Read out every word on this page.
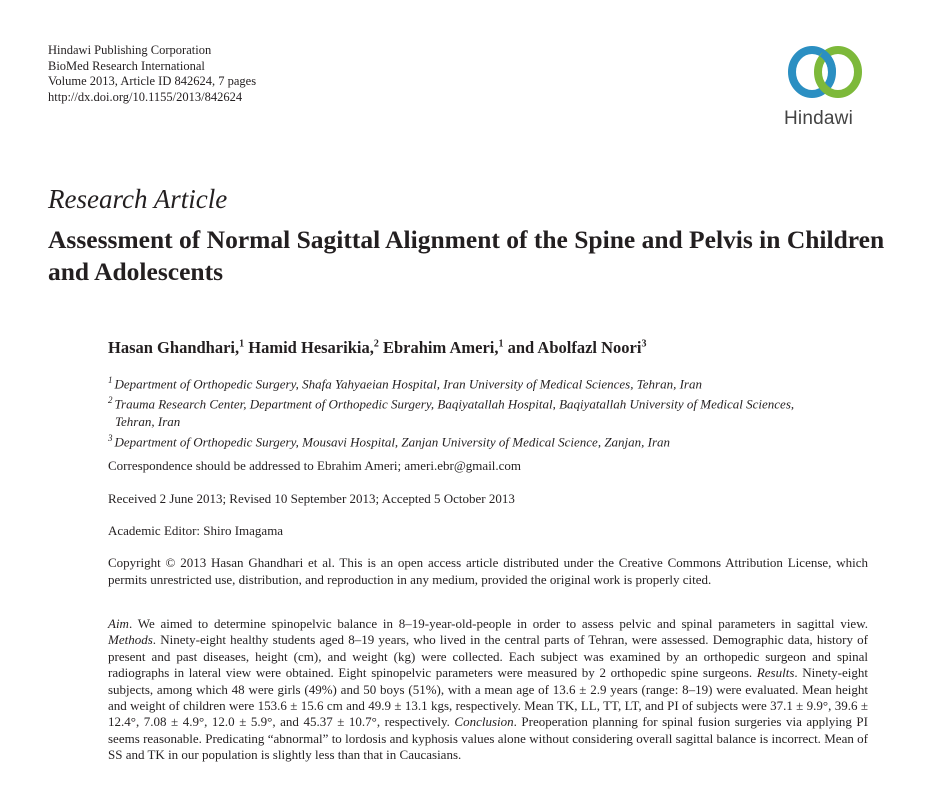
Hindawi Publishing Corporation
BioMed Research International
Volume 2013, Article ID 842624, 7 pages
http://dx.doi.org/10.1155/2013/842624
Hindawi
Research Article
Assessment of Normal Sagittal Alignment of the Spine and Pelvis in Children and Adolescents
Hasan Ghandhari,$^1$ Hamid Hesarikia,$^2$ Ebrahim Ameri,$^1$ and Abolfazl Noori$^3$
$^1$ Department of Orthopedic Surgery, Shafa Yahyaeian Hospital, Iran University of Medical Sciences, Tehran, Iran
$^2$ Trauma Research Center, Department of Orthopedic Surgery, Baqiyatallah Hospital, Baqiyatallah University of Medical Sciences,
Tehran, Iran
$^3$ Department of Orthopedic Surgery, Mousavi Hospital, Zanjan University of Medical Science, Zanjan, Iran
Correspondence should be addressed to Ebrahim Ameri; ameri.ebr@gmail.com
Received 2 June 2013; Revised 10 September 2013; Accepted 5 October 2013
Academic Editor: Shiro Imagama
Copyright © 2013 Hasan Ghandhari et al. This is an open access article distributed under the Creative Commons Attribution License, which permits unrestricted use, distribution, and reproduction in any medium, provided the original work is properly cited.
Aim. We aimed to determine spinopelvic balance in 8–19-year-old-people in order to assess pelvic and spinal parameters in sagittal view. Methods. Ninety-eight healthy students aged 8–19 years, who lived in the central parts of Tehran, were assessed. Demographic data, history of present and past diseases, height (cm), and weight (kg) were collected. Each subject was examined by an orthopedic surgeon and spinal radiographs in lateral view were obtained. Eight spinopelvic parameters were measured by 2 orthopedic spine surgeons. Results. Ninety-eight subjects, among which 48 were girls (49%) and 50 boys (51%), with a mean age of 13.6 ± 2.9 years (range: 8–19) were evaluated. Mean height and weight of children were 153.6 ± 15.6 cm and 49.9 ± 13.1 kgs, respectively. Mean TK, LL, TT, LT, and PI of subjects were 37.1 ± 9.9°, 39.6 ± 12.4°, 7.08 ± 4.9°, 12.0 ± 5.9°, and 45.37 ± 10.7°, respectively. Conclusion. Preoperation planning for spinal fusion surgeries via applying PI seems reasonable. Predicating “abnormal” to lordosis and kyphosis values alone without considering overall sagittal balance is incorrect. Mean of SS and TK in our population is slightly less than that in Caucasians.
